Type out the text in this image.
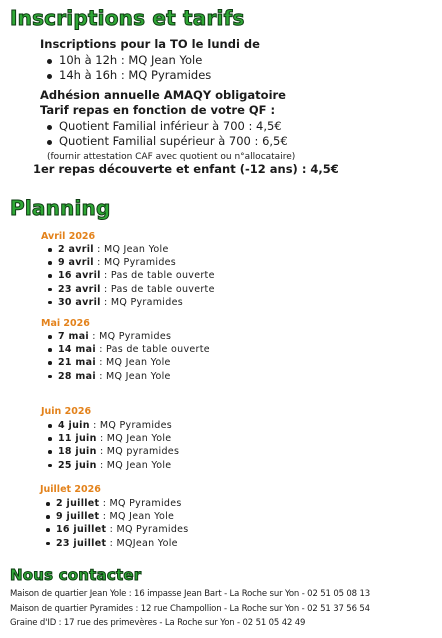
Inscriptions et tarifs
Inscriptions pour la TO le lundi de
10h à 12h : MQ Jean Yole
14h à 16h : MQ Pyramides
Adhésion annuelle AMAQY obligatoire
Tarif repas en fonction de votre QF :
Quotient Familial inférieur à 700 : 4,5€
Quotient Familial supérieur à 700 : 6,5€
(fournir attestation CAF avec quotient ou n°allocataire)
1er repas découverte et enfant (-12 ans) : 4,5€
Planning
Avril 2026
2 avril : MQ Jean Yole
9 avril : MQ Pyramides
16 avril : Pas de table ouverte
23 avril : Pas de table ouverte
30 avril : MQ Pyramides
Mai 2026
7 mai : MQ Pyramides
14 mai : Pas de table ouverte
21 mai : MQ Jean Yole
28 mai : MQ Jean Yole
Juin 2026
4 juin : MQ Pyramides
11 juin : MQ Jean Yole
18 juin : MQ pyramides
25 juin : MQ Jean Yole
Juillet 2026
2 juillet : MQ Pyramides
9 juillet : MQ Jean Yole
16 juillet : MQ Pyramides
23 juillet : MQJean Yole
Nous contacter
Maison de quartier Jean Yole : 16 impasse Jean Bart - La Roche sur Yon - 02 51 05 08 13
Maison de quartier Pyramides : 12 rue Champollion - La Roche sur Yon - 02 51 37 56 54
Graine d'ID : 17 rue des primevères - La Roche sur Yon - 02 51 05 42 49
